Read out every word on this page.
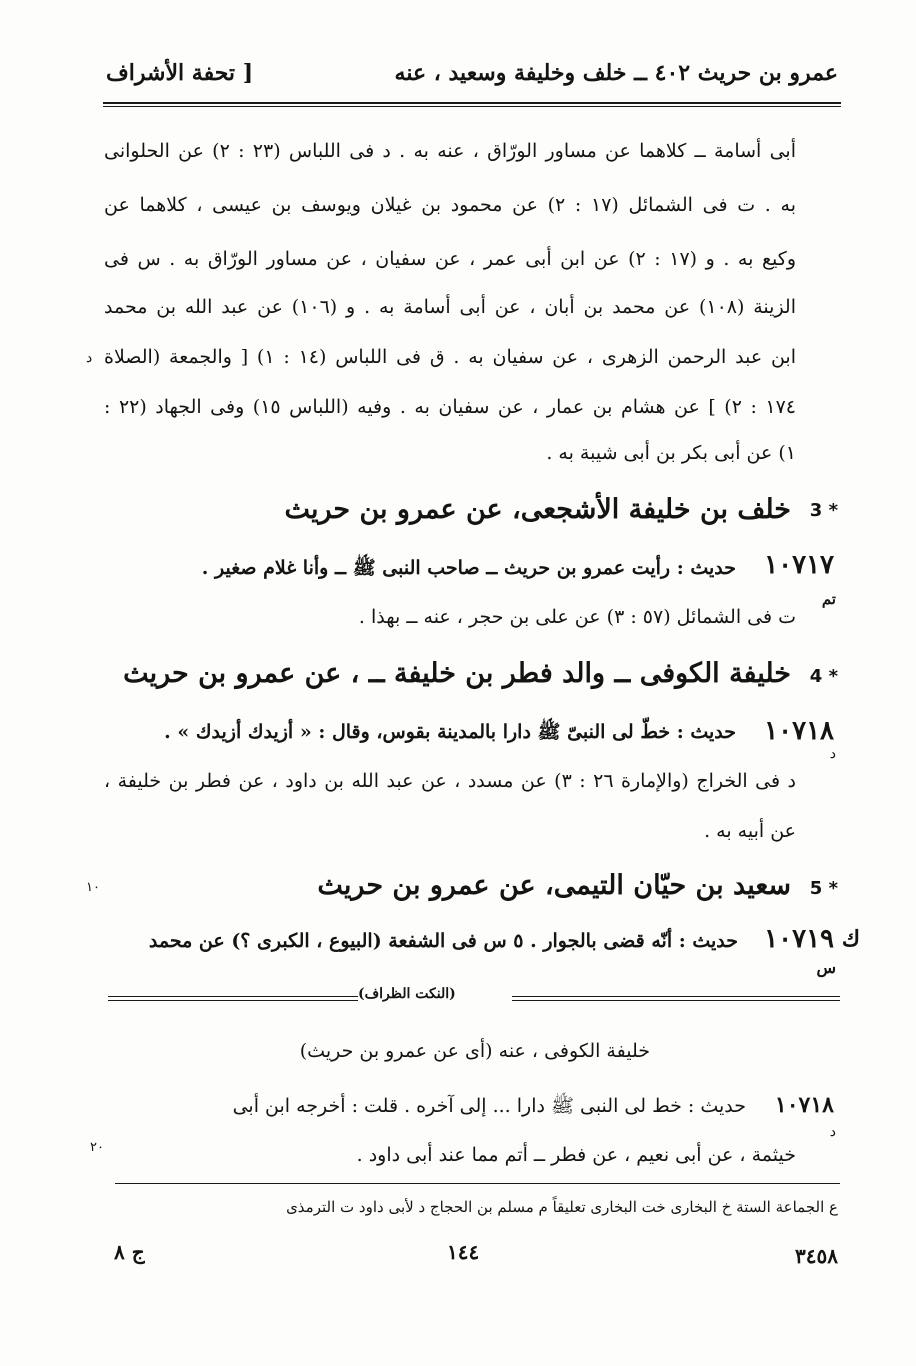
عمرو بن حريث ٤٠٢ ــ خلف وخليفة وسعيد ، عنه
[ تحفة الأشراف
أبى أسامة ــ كلاهما عن مساور الورّاق ، عنه به . د فى اللباس (٢٣ : ٢) عن الحلوانى
به . ت فى الشمائل (١٧ : ٢) عن محمود بن غيلان ويوسف بن عيسى ، كلاهما عن
وكيع به . و (١٧ : ٢) عن ابن أبى عمر ، عن سفيان ، عن مساور الورّاق به . س فى
الزينة (١٠٨) عن محمد بن أبان ، عن أبى أسامة به . و (١٠٦) عن عبد الله بن محمد
ابن عبد الرحمن الزهرى ، عن سفيان به . ق فى اللباس (١٤ : ١) [ والجمعة (الصلاة
د
١٧٤ : ٢) ] عن هشام بن عمار ، عن سفيان به . وفيه (اللباس ١٥) وفى الجهاد (٢٢ :
١) عن أبى بكر بن أبى شيبة به .
3 *
خلف بن خليفة الأشجعى، عن عمرو بن حريث
١٠٧١٧
حديث : رأيت عمرو بن حريث ــ صاحب النبى ﷺ ــ وأنا غلام صغير .
تم
ت فى الشمائل (٥٧ : ٣) عن على بن حجر ، عنه ــ بهذا .
4 *
خليفة الكوفى ــ والد فطر بن خليفة ــ ، عن عمرو بن حريث
١٠٧١٨
حديث : خطّ لى النبىّ ﷺ دارا بالمدينة بقوس، وقال : « أزيدك أزيدك » .
د
د فى الخراج (والإمارة ٢٦ : ٣) عن مسدد ، عن عبد الله بن داود ، عن فطر بن خليفة ،
عن أبيه به .
5 *
سعيد بن حيّان التيمى، عن عمرو بن حريث
١٠
ك
١٠٧١٩
حديث : أنّه قضى بالجوار . ٥ س فى الشفعة (البيوع ، الكبرى ؟) عن محمد
س
(النكت الظراف)
خليفة الكوفى ، عنه (أى عن عمرو بن حريث)
١٠٧١٨
حديث : خط لى النبى ﷺ دارا ... إلى آخره . قلت : أخرجه ابن أبى
د
٢٠	خيثمة ، عن أبى نعيم ، عن فطر ــ أتم مما عند أبى داود .
ع الجماعة الستة خ البخارى خت البخارى تعليقاً م مسلم بن الحجاج د لأبى داود ت الترمذى
٣٤٥٨
١٤٤
ج ٨
